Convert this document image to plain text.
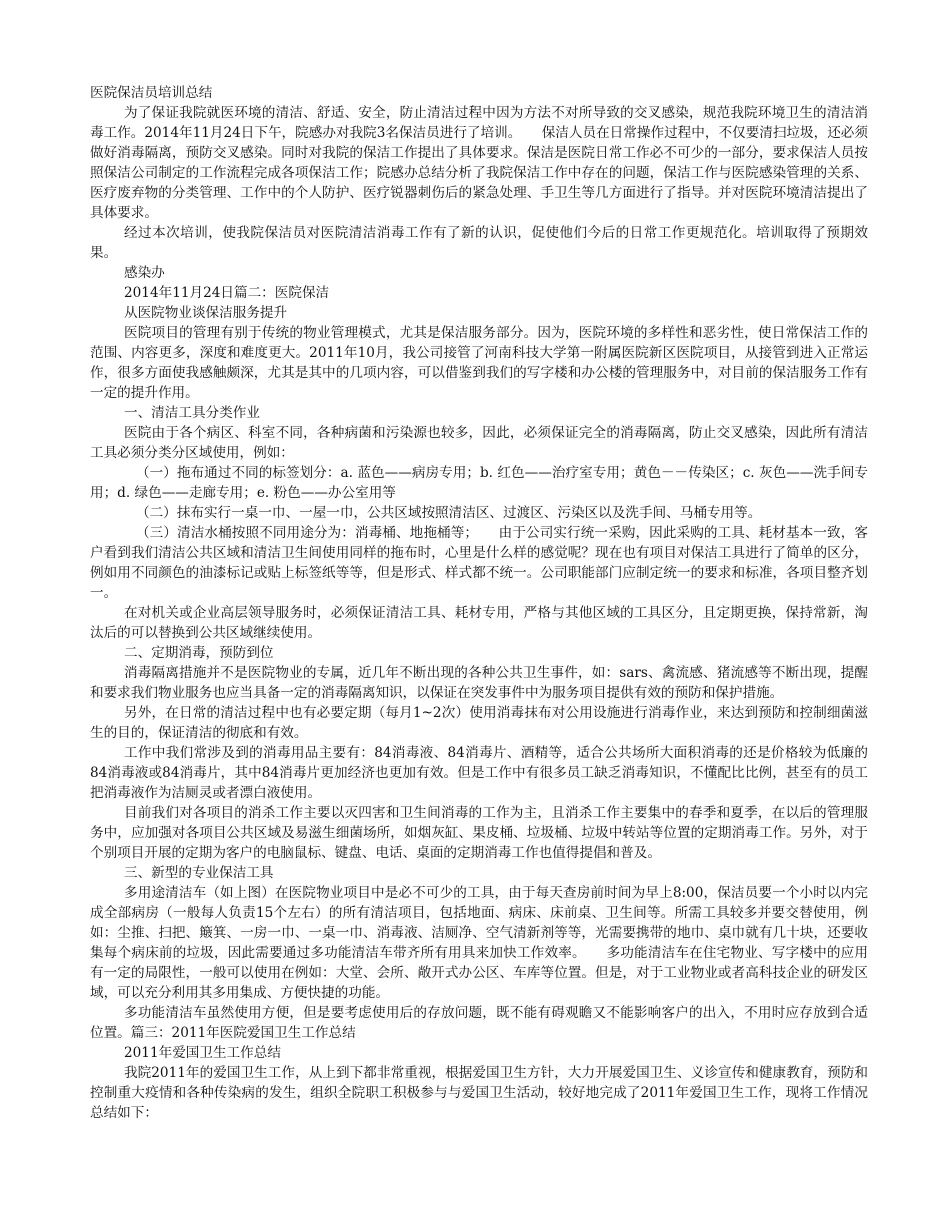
医院保洁员培训总结

为了保证我院就医环境的清洁、舒适、安全，防止清洁过程中因为方法不对所导致的交叉感染，规范我院环境卫生的清洁消毒工作。2014年11月24日下午，院感办对我院3名保洁员进行了培训。　　保洁人员在日常操作过程中，不仅要清扫垃圾，还必须做好消毒隔离，预防交叉感染。同时对我院的保洁工作提出了具体要求。保洁是医院日常工作必不可少的一部分，要求保洁人员按照保洁公司制定的工作流程完成各项保洁工作；院感办总结分析了我院保洁工作中存在的问题，保洁工作与医院感染管理的关系、医疗废弃物的分类管理、工作中的个人防护、医疗锐器刺伤后的紧急处理、手卫生等几方面进行了指导。并对医院环境清洁提出了具体要求。

经过本次培训，使我院保洁员对医院清洁消毒工作有了新的认识，促使他们今后的日常工作更规范化。培训取得了预期效果。

感染办

2014年11月24日篇二：医院保洁

从医院物业谈保洁服务提升

医院项目的管理有别于传统的物业管理模式，尤其是保洁服务部分。因为，医院环境的多样性和恶劣性，使日常保洁工作的范围、内容更多，深度和难度更大。2011年10月，我公司接管了河南科技大学第一附属医院新区医院项目，从接管到进入正常运作，很多方面使我感触颇深，尤其是其中的几项内容，可以借鉴到我们的写字楼和办公楼的管理服务中，对目前的保洁服务工作有一定的提升作用。

一、清洁工具分类作业

医院由于各个病区、科室不同，各种病菌和污染源也较多，因此，必须保证完全的消毒隔离，防止交叉感染，因此所有清洁工具必须分类分区域使用，例如：

（一）拖布通过不同的标签划分：a. 蓝色——病房专用；b. 红色——治疗室专用；黄色－－传染区；c. 灰色——洗手间专用；d. 绿色——走廊专用；e. 粉色——办公室用等

（二）抹布实行一桌一巾、一屋一巾，公共区域按照清洁区、过渡区、污染区以及洗手间、马桶专用等。

（三）清洁水桶按照不同用途分为：消毒桶、地拖桶等；　　由于公司实行统一采购，因此采购的工具、耗材基本一致，客户看到我们清洁公共区域和清洁卫生间使用同样的拖布时，心里是什么样的感觉呢？现在也有项目对保洁工具进行了简单的区分，例如用不同颜色的油漆标记或贴上标签纸等等，但是形式、样式都不统一。公司职能部门应制定统一的要求和标准，各项目整齐划一。

在对机关或企业高层领导服务时，必须保证清洁工具、耗材专用，严格与其他区域的工具区分，且定期更换，保持常新，淘汰后的可以替换到公共区域继续使用。

二、定期消毒，预防到位

消毒隔离措施并不是医院物业的专属，近几年不断出现的各种公共卫生事件，如：sars、禽流感、猪流感等不断出现，提醒和要求我们物业服务也应当具备一定的消毒隔离知识，以保证在突发事件中为服务项目提供有效的预防和保护措施。

另外，在日常的清洁过程中也有必要定期（每月1~2次）使用消毒抹布对公用设施进行消毒作业，来达到预防和控制细菌滋生的目的，保证清洁的彻底和有效。

工作中我们常涉及到的消毒用品主要有：84消毒液、84消毒片、酒精等，适合公共场所大面积消毒的还是价格较为低廉的84消毒液或84消毒片，其中84消毒片更加经济也更加有效。但是工作中有很多员工缺乏消毒知识，不懂配比比例，甚至有的员工把消毒液作为洁厕灵或者漂白液使用。

目前我们对各项目的消杀工作主要以灭四害和卫生间消毒的工作为主，且消杀工作主要集中的春季和夏季，在以后的管理服务中，应加强对各项目公共区域及易滋生细菌场所，如烟灰缸、果皮桶、垃圾桶、垃圾中转站等位置的定期消毒工作。另外，对于个别项目开展的定期为客户的电脑鼠标、键盘、电话、桌面的定期消毒工作也值得提倡和普及。

三、新型的专业保洁工具

多用途清洁车（如上图）在医院物业项目中是必不可少的工具，由于每天查房前时间为早上8:00，保洁员要一个小时以内完成全部病房（一般每人负责15个左右）的所有清洁项目，包括地面、病床、床前桌、卫生间等。所需工具较多并要交替使用，例如：尘推、扫把、簸箕、一房一巾、一桌一巾、消毒液、洁厕净、空气清新剂等等，光需要携带的地巾、桌巾就有几十块，还要收集每个病床前的垃圾，因此需要通过多功能清洁车带齐所有用具来加快工作效率。　　多功能清洁车在住宅物业、写字楼中的应用有一定的局限性，一般可以使用在例如：大堂、会所、敞开式办公区、车库等位置。但是，对于工业物业或者高科技企业的研发区域，可以充分利用其多用集成、方便快捷的功能。

多功能清洁车虽然使用方便，但是要考虑使用后的存放问题，既不能有碍观瞻又不能影响客户的出入，不用时应存放到合适位置。篇三：2011年医院爱国卫生工作总结

2011年爱国卫生工作总结

我院2011年的爱国卫生工作，从上到下都非常重视，根据爱国卫生方针，大力开展爱国卫生、义诊宣传和健康教育，预防和控制重大疫情和各种传染病的发生，组织全院职工积极参与与爱国卫生活动，较好地完成了2011年爱国卫生工作，现将工作情况总结如下：
